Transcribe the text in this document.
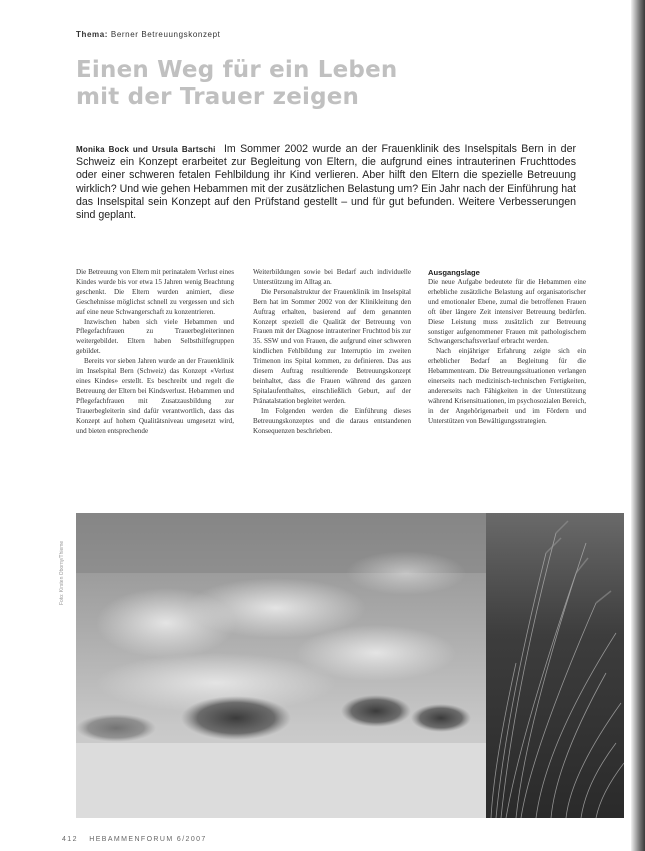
Thema: Berner Betreuungskonzept
Einen Weg für ein Leben
mit der Trauer zeigen
Monika Bock und Ursula Bartschi Im Sommer 2002 wurde an der Frauenklinik des Inselspitals Bern in der Schweiz ein Konzept erarbeitet zur Begleitung von Eltern, die aufgrund eines intrauterinen Fruchttodes oder einer schweren fetalen Fehlbildung ihr Kind verlieren. Aber hilft den Eltern die spezielle Betreuung wirklich? Und wie gehen Hebammen mit der zusätzlichen Belastung um? Ein Jahr nach der Einführung hat das Inselspital sein Konzept auf den Prüfstand gestellt – und für gut befunden. Weitere Verbesserungen sind geplant.

Die Betreuung von Eltern mit perinatalem Verlust eines Kindes wurde bis vor etwa 15 Jahren wenig Beachtung geschenkt. Die Eltern wurden animiert, diese Geschehnisse möglichst schnell zu vergessen und sich auf eine neue Schwangerschaft zu konzentrieren.

Inzwischen haben sich viele Hebammen und Pflegefachfrauen zu Trauerbegleiterinnen weitergebildet. Eltern haben Selbsthilfegruppen gebildet.

Bereits vor sieben Jahren wurde an der Frauenklinik im Inselspital Bern (Schweiz) das Konzept «Verlust eines Kindes» erstellt. Es beschreibt und regelt die Betreuung der Eltern bei Kindsverlust. Hebammen und Pflegefachfrauen mit Zusatzausbildung zur Trauerbegleiterin sind dafür verantwortlich, dass das Konzept auf hohem Qualitätsniveau umgesetzt wird, und bieten entsprechende

Weiterbildungen sowie bei Bedarf auch individuelle Unterstützung im Alltag an.

Die Personalstruktur der Frauenklinik im Inselspital Bern hat im Sommer 2002 von der Klinikleitung den Auftrag erhalten, basierend auf dem genannten Konzept speziell die Qualität der Betreuung von Frauen mit der Diagnose intrauteriner Fruchttod bis zur 35. SSW und von Frauen, die aufgrund einer schweren kindlichen Fehlbildung zur Interruptio im zweiten Trimenon ins Spital kommen, zu definieren. Das aus diesem Auftrag resultierende Betreuungskonzept beinhaltet, dass die Frauen während des ganzen Spitalaufenthaltes, einschließlich Geburt, auf der Pränatalstation begleitet werden.

Im Folgenden werden die Einführung dieses Betreuungskonzeptes und die daraus entstandenen Konsequenzen beschrieben.

Ausgangslage

Die neue Aufgabe bedeutete für die Hebammen eine erhebliche zusätzliche Belastung auf organisatorischer und emotionaler Ebene, zumal die betroffenen Frauen oft über längere Zeit intensiver Betreuung bedürfen. Diese Leistung muss zusätzlich zur Betreuung sonstiger aufgenommener Frauen mit pathologischem Schwangerschaftsverlauf erbracht werden.

Nach einjähriger Erfahrung zeigte sich ein erheblicher Bedarf an Begleitung für die Hebammenteam. Die Betreuungssituationen verlangen einerseits nach medizinisch-technischen Fertigkeiten, andererseits nach Fähigkeiten in der Unterstützung während Krisensituationen, im psychosozialen Bereich, in der Angehörigenarbeit und im Fördern und Unterstützen von Bewältigungsstrategien.

Foto: Kirsten Oborny/Thieme
412 HEBAMMENFORUM 6/2007
